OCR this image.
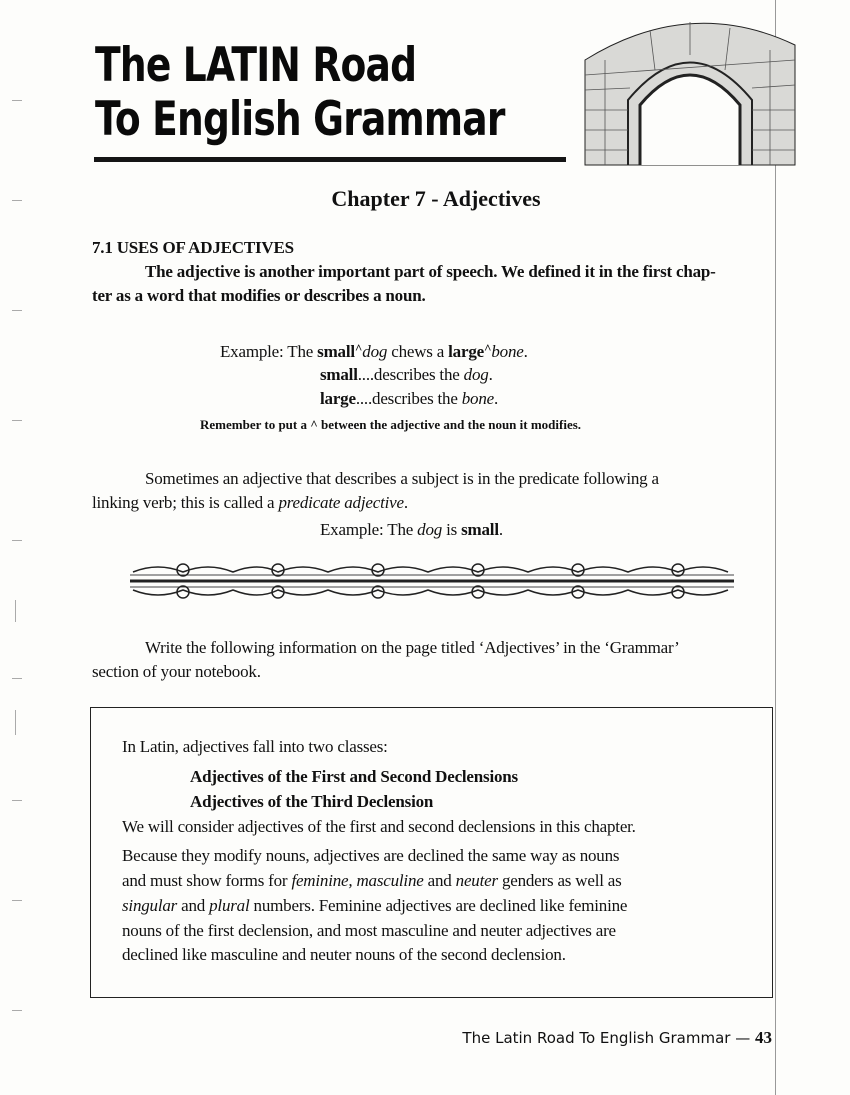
The LATIN Road
To English Grammar
Chapter 7 - Adjectives
7.1 USES OF ADJECTIVES
The adjective is another important part of speech. We defined it in the first chap-
ter as a word that modifies or describes a noun.
Example: The small^dog chews a large^bone.
small....describes the dog.
large....describes the bone.
Remember to put a ^ between the adjective and the noun it modifies.
Sometimes an adjective that describes a subject is in the predicate following a
linking verb; this is called a predicate adjective.
Example: The dog is small.
Write the following information on the page titled ‘Adjectives’ in the ‘Grammar’
section of your notebook.
In Latin, adjectives fall into two classes:
Adjectives of the First and Second Declensions
Adjectives of the Third Declension
We will consider adjectives of the first and second declensions in this chapter.
Because they modify nouns, adjectives are declined the same way as nouns
and must show forms for feminine, masculine and neuter genders as well as
singular and plural numbers. Feminine adjectives are declined like feminine
nouns of the first declension, and most masculine and neuter adjectives are
declined like masculine and neuter nouns of the second declension.
The Latin Road To English Grammar — 43
